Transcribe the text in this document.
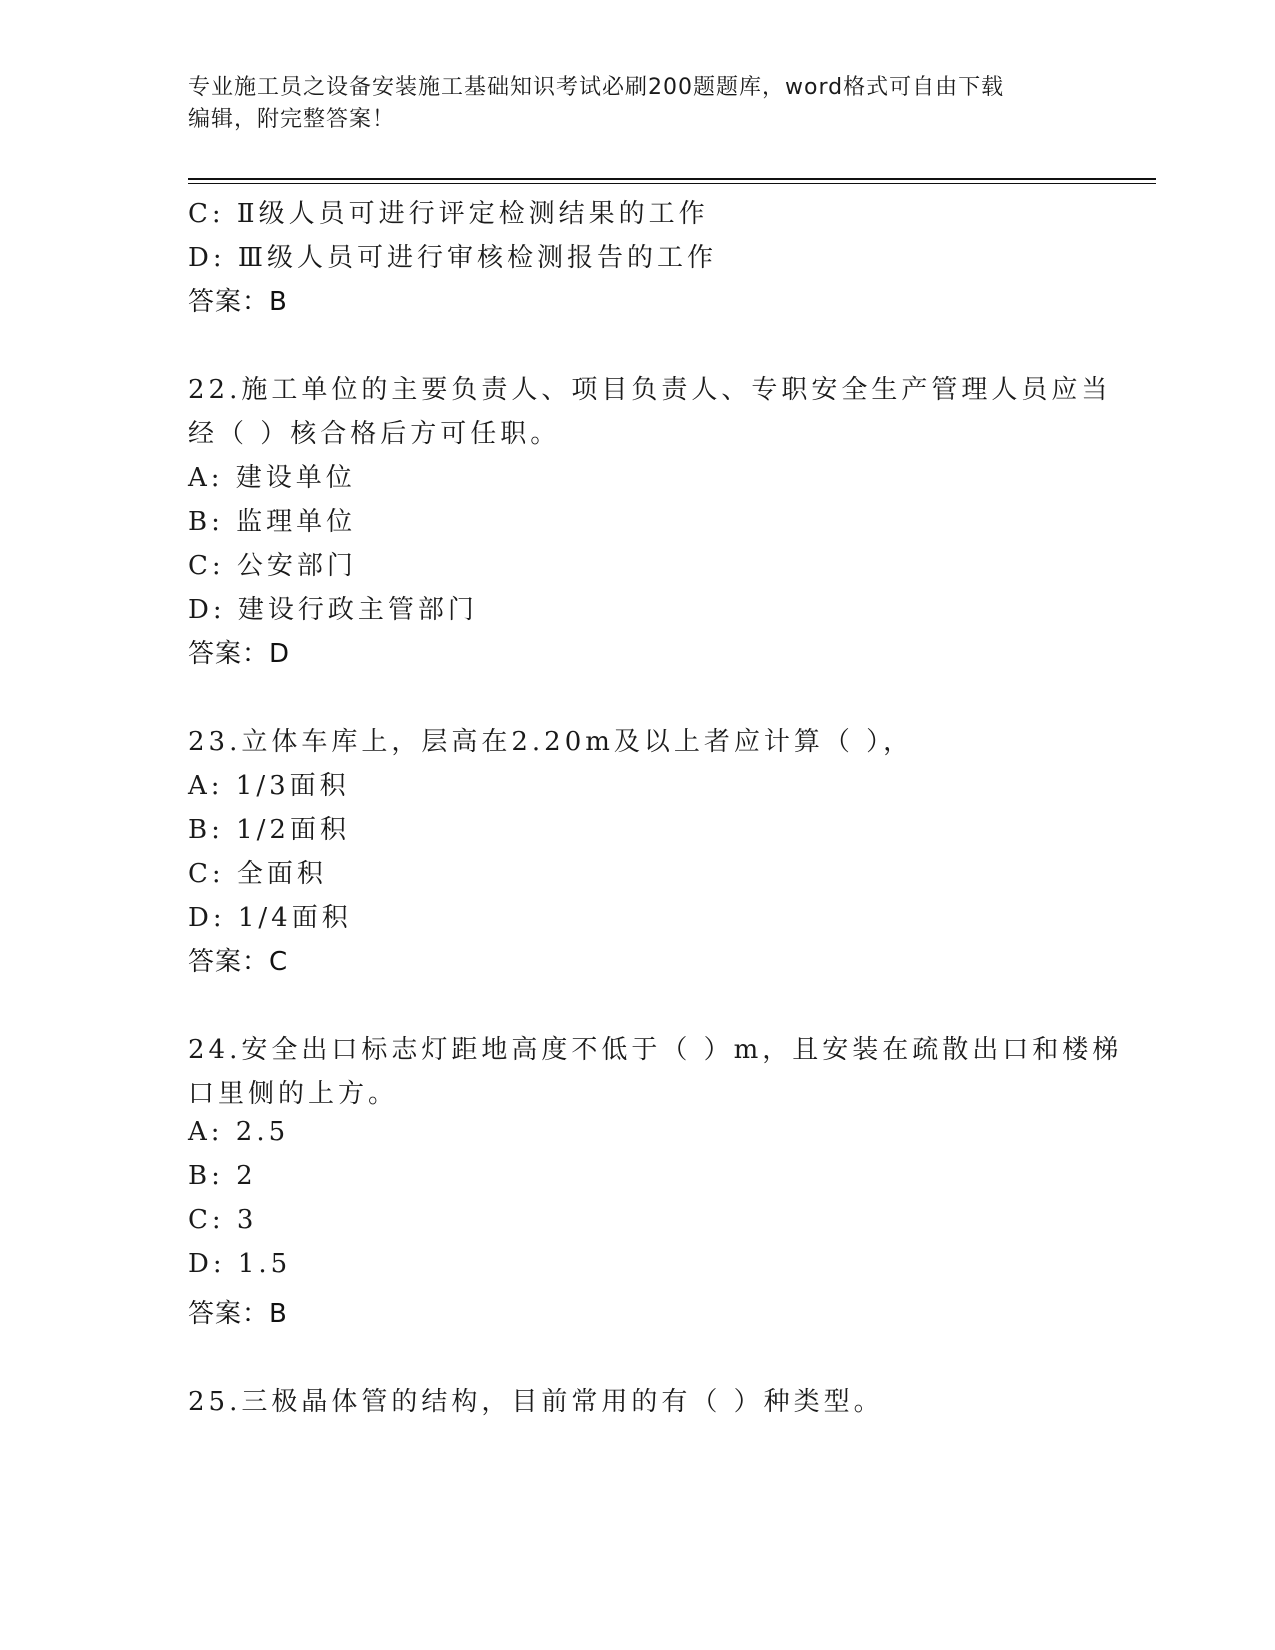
专业施工员之设备安装施工基础知识考试必刷200题题库，word格式可自由下载
编辑，附完整答案！
C: Ⅱ级人员可进行评定检测结果的工作
D: Ⅲ级人员可进行审核检测报告的工作
答案：B
22.施工单位的主要负责人、项目负责人、专职安全生产管理人员应当
经（ ）核合格后方可任职。
A: 建设单位
B: 监理单位
C: 公安部门
D: 建设行政主管部门
答案：D
23.立体车库上，层高在2.20m及以上者应计算（ ），
A: 1/3面积
B: 1/2面积
C: 全面积
D: 1/4面积
答案：C
24.安全出口标志灯距地高度不低于（ ）m，且安装在疏散出口和楼梯
口里侧的上方。
A: 2.5
B: 2
C: 3
D: 1.5
答案：B
25.三极晶体管的结构，目前常用的有（ ）种类型。
